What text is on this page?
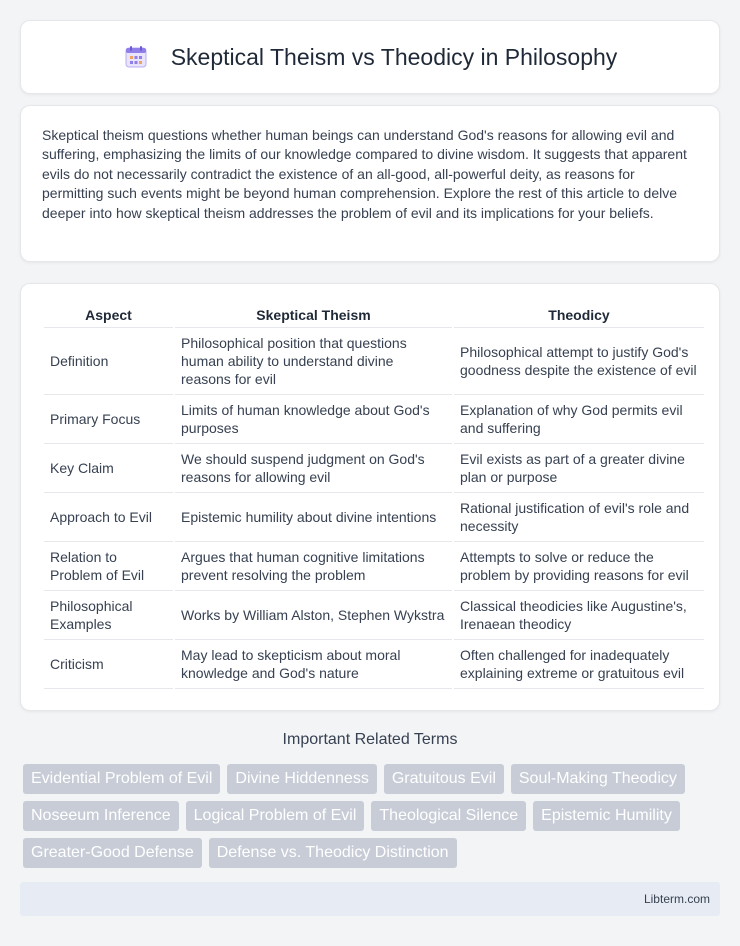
Skeptical Theism vs Theodicy in Philosophy

Skeptical theism questions whether human beings can understand God's reasons for allowing evil and suffering, emphasizing the limits of our knowledge compared to divine wisdom. It suggests that apparent evils do not necessarily contradict the existence of an all-good, all-powerful deity, as reasons for permitting such events might be beyond human comprehension. Explore the rest of this article to delve deeper into how skeptical theism addresses the problem of evil and its implications for your beliefs.

Aspect	Skeptical Theism	Theodicy
Definition	Philosophical position that questions human ability to understand divine reasons for evil	Philosophical attempt to justify God's goodness despite the existence of evil
Primary Focus	Limits of human knowledge about God's purposes	Explanation of why God permits evil and suffering
Key Claim	We should suspend judgment on God's reasons for allowing evil	Evil exists as part of a greater divine plan or purpose
Approach to Evil	Epistemic humility about divine intentions	Rational justification of evil's role and necessity
Relation to Problem of Evil	Argues that human cognitive limitations prevent resolving the problem	Attempts to solve or reduce the problem by providing reasons for evil
Philosophical Examples	Works by William Alston, Stephen Wykstra	Classical theodicies like Augustine's, Irenaean theodicy
Criticism	May lead to skepticism about moral knowledge and God's nature	Often challenged for inadequately explaining extreme or gratuitous evil
Important Related Terms
Evidential Problem of Evil	Divine Hiddenness	Gratuitous Evil	Soul-Making Theodicy
Noseeum Inference	Logical Problem of Evil	Theological Silence	Epistemic Humility
Greater-Good Defense	Defense vs. Theodicy Distinction
Libterm.com
